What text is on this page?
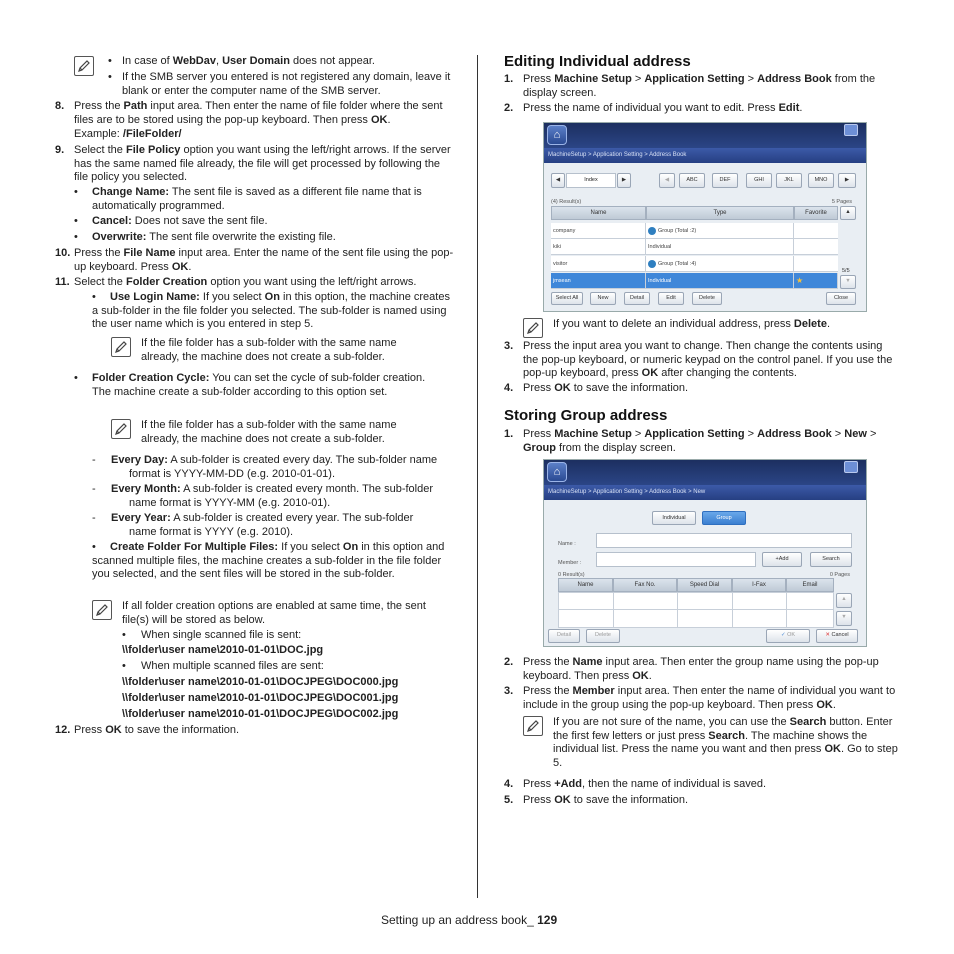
• In case of WebDav, User Domain does not appear.
• If the SMB server you entered is not registered any domain, leave it blank or enter the computer name of the SMB server.
8. Press the Path input area. Then enter the name of file folder where the sent files are to be stored using the pop-up keyboard. Then press OK.
Example: /FileFolder/
9. Select the File Policy option you want using the left/right arrows. If the server has the same named file already, the file will get processed by following the file policy you selected.
• Change Name: The sent file is saved as a different file name that is automatically programmed.
• Cancel: Does not save the sent file.
• Overwrite: The sent file overwrite the existing file.
10. Press the File Name input area. Enter the name of the sent file using the pop-up keyboard. Press OK.
11. Select the Folder Creation option you want using the left/right arrows.
•	Use Login Name: If you select On in this option, the machine creates a sub-folder in the file folder you selected. The sub-folder is named using the user name which is you entered in step 5.
If the file folder has a sub-folder with the same name already, the machine does not create a sub-folder.
• Folder Creation Cycle: You can set the cycle of sub-folder creation. The machine create a sub-folder according to this option set.
If the file folder has a sub-folder with the same name already, the machine does not create a sub-folder.
- Every Day: A sub-folder is created every day. The sub-folder name format is YYYY-MM-DD (e.g. 2010-01-01).
- Every Month: A sub-folder is created every month. The sub-folder name format is YYYY-MM (e.g. 2010-01).
- Every Year: A sub-folder is created every year. The sub-folder name format is YYYY (e.g. 2010).
•	Create Folder For Multiple Files: If you select On in this option and scanned multiple files, the machine creates a sub-folder in the file folder you selected, and the sent files will be stored in the sub-folder.
If all folder creation options are enabled at same time, the sent file(s) will be stored as below.
• When single scanned file is sent:
\\folder\user name\2010-01-01\DOC.jpg
• When multiple scanned files are sent:
\\folder\user name\2010-01-01\DOCJPEG\DOC000.jpg
\\folder\user name\2010-01-01\DOCJPEG\DOC001.jpg
\\folder\user name\2010-01-01\DOCJPEG\DOC002.jpg
12. Press OK to save the information.
Editing Individual address
1. Press Machine Setup > Application Setting > Address Book from the display screen.
2. Press the name of individual you want to edit. Press Edit.
⌂
MachineSetup > Application Setting > Address Book
◀	Index	▶	◀	ABC	DEF	GHI	JKL	MNO	▶
(4) Result(s)	5 Pages
Name	Type	Favorite	▲
company	Group (Total :2)
kiki	Individual
visitor	Group (Total :4)
jmsean	Individual	★
5/5
▼
Select All	New	Detail	Edit	Delete	Close
If you want to delete an individual address, press Delete.
3. Press the input area you want to change. Then change the contents using the pop-up keyboard, or numeric keypad on the control panel. If you use the pop-up keyboard, press OK after changing the contents.
4. Press OK to save the information.
Storing Group address
1. Press Machine Setup > Application Setting > Address Book > New > Group from the display screen.
⌂
MachineSetup > Application Setting > Address Book > New
Individual	Group
Name :
Member :
+Add	Search
0 Result(s)	0 Pages
Name	Fax No.	Speed Dial	I-Fax	Email
▲
▼
Detail	Delete	✓ OK	✕ Cancel
2. Press the Name input area. Then enter the group name using the pop-up keyboard. Then press OK.
3. Press the Member input area. Then enter the name of individual you want to include in the group using the pop-up keyboard. Then press OK.
If you are not sure of the name, you can use the Search button. Enter the first few letters or just press Search. The machine shows the individual list. Press the name you want and then press OK. Go to step 5.
4. Press +Add, then the name of individual is saved.
5. Press OK to save the information.
Setting up an address book_ 129
